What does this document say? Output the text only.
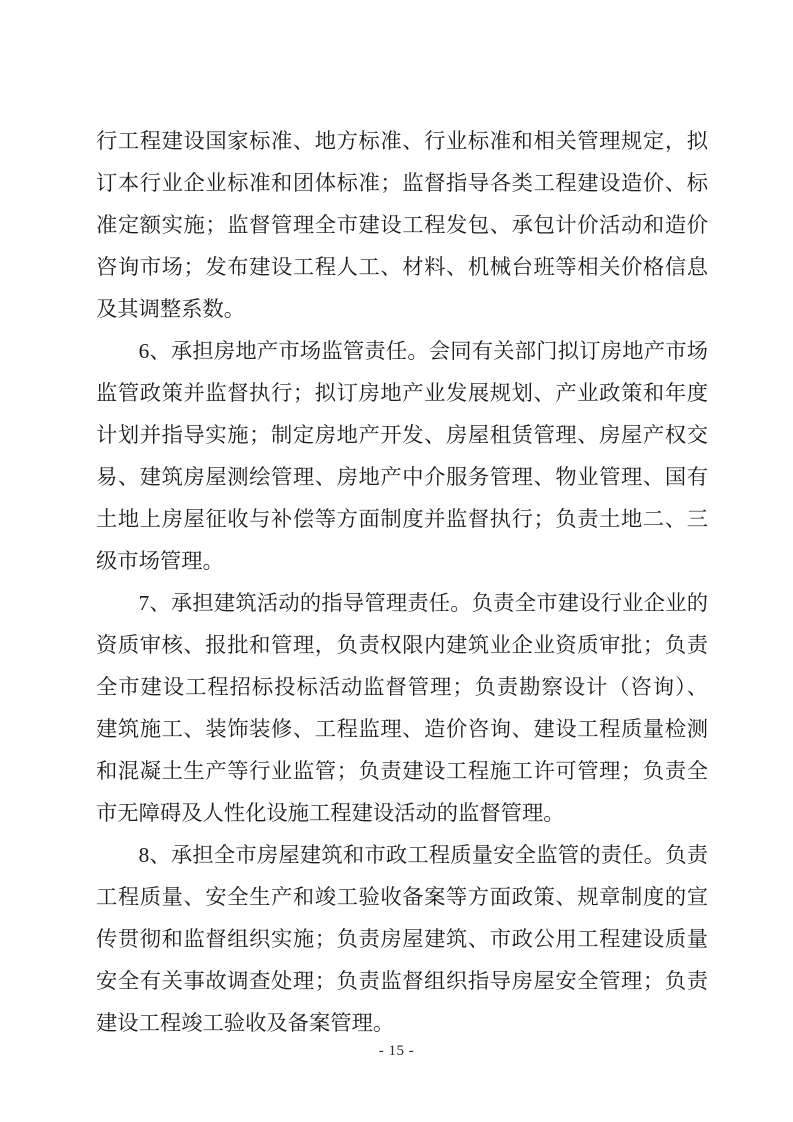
行工程建设国家标准、地方标准、行业标准和相关管理规定，拟
订本行业企业标准和团体标准；监督指导各类工程建设造价、标
准定额实施；监督管理全市建设工程发包、承包计价活动和造价
咨询市场；发布建设工程人工、材料、机械台班等相关价格信息
及其调整系数。
6、承担房地产市场监管责任。会同有关部门拟订房地产市场
监管政策并监督执行；拟订房地产业发展规划、产业政策和年度
计划并指导实施；制定房地产开发、房屋租赁管理、房屋产权交
易、建筑房屋测绘管理、房地产中介服务管理、物业管理、国有
土地上房屋征收与补偿等方面制度并监督执行；负责土地二、三
级市场管理。
7、承担建筑活动的指导管理责任。负责全市建设行业企业的
资质审核、报批和管理，负责权限内建筑业企业资质审批；负责
全市建设工程招标投标活动监督管理；负责勘察设计（咨询）、
建筑施工、装饰装修、工程监理、造价咨询、建设工程质量检测
和混凝土生产等行业监管；负责建设工程施工许可管理；负责全
市无障碍及人性化设施工程建设活动的监督管理。
8、承担全市房屋建筑和市政工程质量安全监管的责任。负责
工程质量、安全生产和竣工验收备案等方面政策、规章制度的宣
传贯彻和监督组织实施；负责房屋建筑、市政公用工程建设质量
安全有关事故调查处理；负责监督组织指导房屋安全管理；负责
建设工程竣工验收及备案管理。
- 15 -
